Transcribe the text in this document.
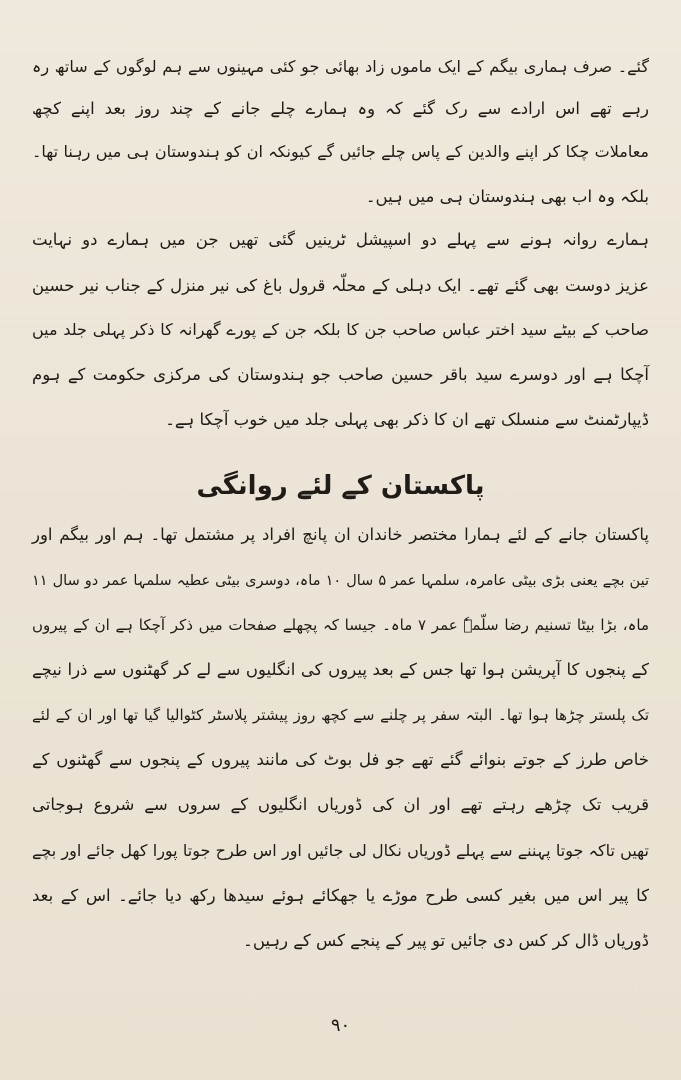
گئے۔ صرف ہماری بیگم کے ایک ماموں زاد بھائی جو کئی مہینوں سے ہم لوگوں کے ساتھ رہ
رہے تھے اس ارادے سے رک گئے کہ وہ ہمارے چلے جانے کے چند روز بعد اپنے کچھ
معاملات چکا کر اپنے والدین کے پاس چلے جائیں گے کیونکہ ان کو ہندوستان ہی میں رہنا تھا۔
بلکہ وہ اب بھی ہندوستان ہی میں ہیں۔
ہمارے روانہ ہونے سے پہلے دو اسپیشل ٹرینیں گئی تھیں جن میں ہمارے دو نہایت
عزیز دوست بھی گئے تھے۔ ایک دہلی کے محلّہ قرول باغ کی نیر منزل کے جناب نیر حسین
صاحب کے بیٹے سید اختر عباس صاحب جن کا بلکہ جن کے پورے گھرانہ کا ذکر پہلی جلد میں
آچکا ہے اور دوسرے سید باقر حسین صاحب جو ہندوستان کی مرکزی حکومت کے ہوم
ڈیپارٹمنٹ سے منسلک تھے ان کا ذکر بھی پہلی جلد میں خوب آچکا ہے۔
پاکستان کے لئے روانگی
پاکستان جانے کے لئے ہمارا مختصر خاندان ان پانچ افراد پر مشتمل تھا۔ ہم اور بیگم اور
تین بچے یعنی بڑی بیٹی عامرہ، سلمہا عمر ۵ سال ۱۰ ماہ، دوسری بیٹی عطیہ سلمہا عمر دو سال ۱۱
ماہ، بڑا بیٹا تسنیم رضا سلّمہٗ عمر ۷ ماہ۔ جیسا کہ پچھلے صفحات میں ذکر آچکا ہے ان کے پیروں
کے پنجوں کا آپریشن ہوا تھا جس کے بعد پیروں کی انگلیوں سے لے کر گھٹنوں سے ذرا نیچے
تک پلستر چڑھا ہوا تھا۔ البتہ سفر پر چلنے سے کچھ روز پیشتر پلاسٹر کٹوالیا گیا تھا اور ان کے لئے
خاص طرز کے جوتے بنوائے گئے تھے جو فل بوٹ کی مانند پیروں کے پنجوں سے گھٹنوں کے
قریب تک چڑھے رہتے تھے اور ان کی ڈوریاں انگلیوں کے سروں سے شروع ہوجاتی
تھیں تاکہ جوتا پہننے سے پہلے ڈوریاں نکال لی جائیں اور اس طرح جوتا پورا کھل جائے اور بچے
کا پیر اس میں بغیر کسی طرح موڑے یا جھکائے ہوئے سیدھا رکھ دیا جائے۔ اس کے بعد
ڈوریاں ڈال کر کس دی جائیں تو پیر کے پنجے کس کے رہیں۔
۹۰
